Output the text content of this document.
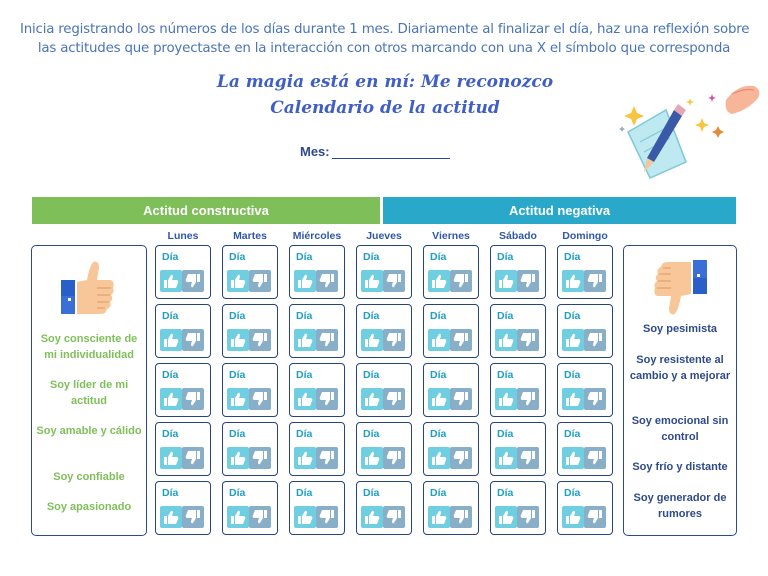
Inicia registrando los números de los días durante 1 mes. Diariamente al finalizar el día, haz una reflexión sobre
las actitudes que proyectaste en la interacción con otros marcando con una X el símbolo que corresponda
La magia está en mí: Me reconozco
Calendario de la actitud
Mes:
Actitud constructiva	Actitud negativa
Lunes	Martes	Miércoles	Jueves	Viernes	Sábado	Domingo
Soy consciente de mi individualidad
Soy líder de mi actitud
Soy amable y cálido
Soy confiable
Soy apasionado
Soy pesimista
Soy resistente al cambio y a mejorar
Soy emocional sin control
Soy frío y distante
Soy generador de rumores
Día	Día	Día	Día	Día	Día	Día
Día	Día	Día	Día	Día	Día	Día
Día	Día	Día	Día	Día	Día	Día
Día	Día	Día	Día	Día	Día	Día
Día	Día	Día	Día	Día	Día	Día
